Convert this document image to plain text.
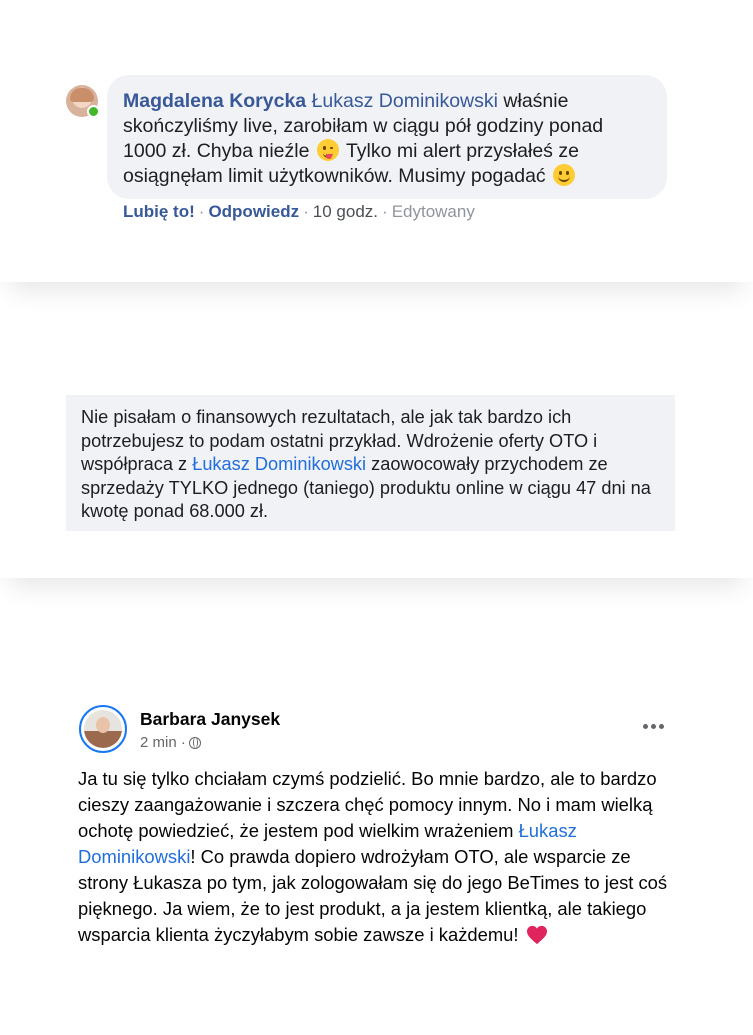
Magdalena Korycka Łukasz Dominikowski właśnie skończyliśmy live, zarobiłam w ciągu pół godziny ponad 1000 zł. Chyba nieźle
Tylko mi alert przysłałeś ze osiągnęłam limit użytkowników. Musimy pogadać
Lubię to! · Odpowiedz · 10 godz. · Edytowany
Nie pisałam o finansowych rezultatach, ale jak tak bardzo ich potrzebujesz to podam ostatni przykład. Wdrożenie oferty OTO i współpraca z Łukasz Dominikowski zaowocowały przychodem ze sprzedaży TYLKO jednego (taniego) produktu online w ciągu 47 dni na kwotę ponad 68.000 zł.
Barbara Janysek
2 min ·
Ja tu się tylko chciałam czymś podzielić. Bo mnie bardzo, ale to bardzo cieszy zaangażowanie i szczera chęć pomocy innym. No i mam wielką ochotę powiedzieć, że jestem pod wielkim wrażeniem Łukasz Dominikowski! Co prawda dopiero wdrożyłam OTO, ale wsparcie ze strony Łukasza po tym, jak zologowałam się do jego BeTimes to jest coś pięknego. Ja wiem, że to jest produkt, a ja jestem klientką, ale takiego wsparcia klienta życzyłabym sobie zawsze i każdemu!
